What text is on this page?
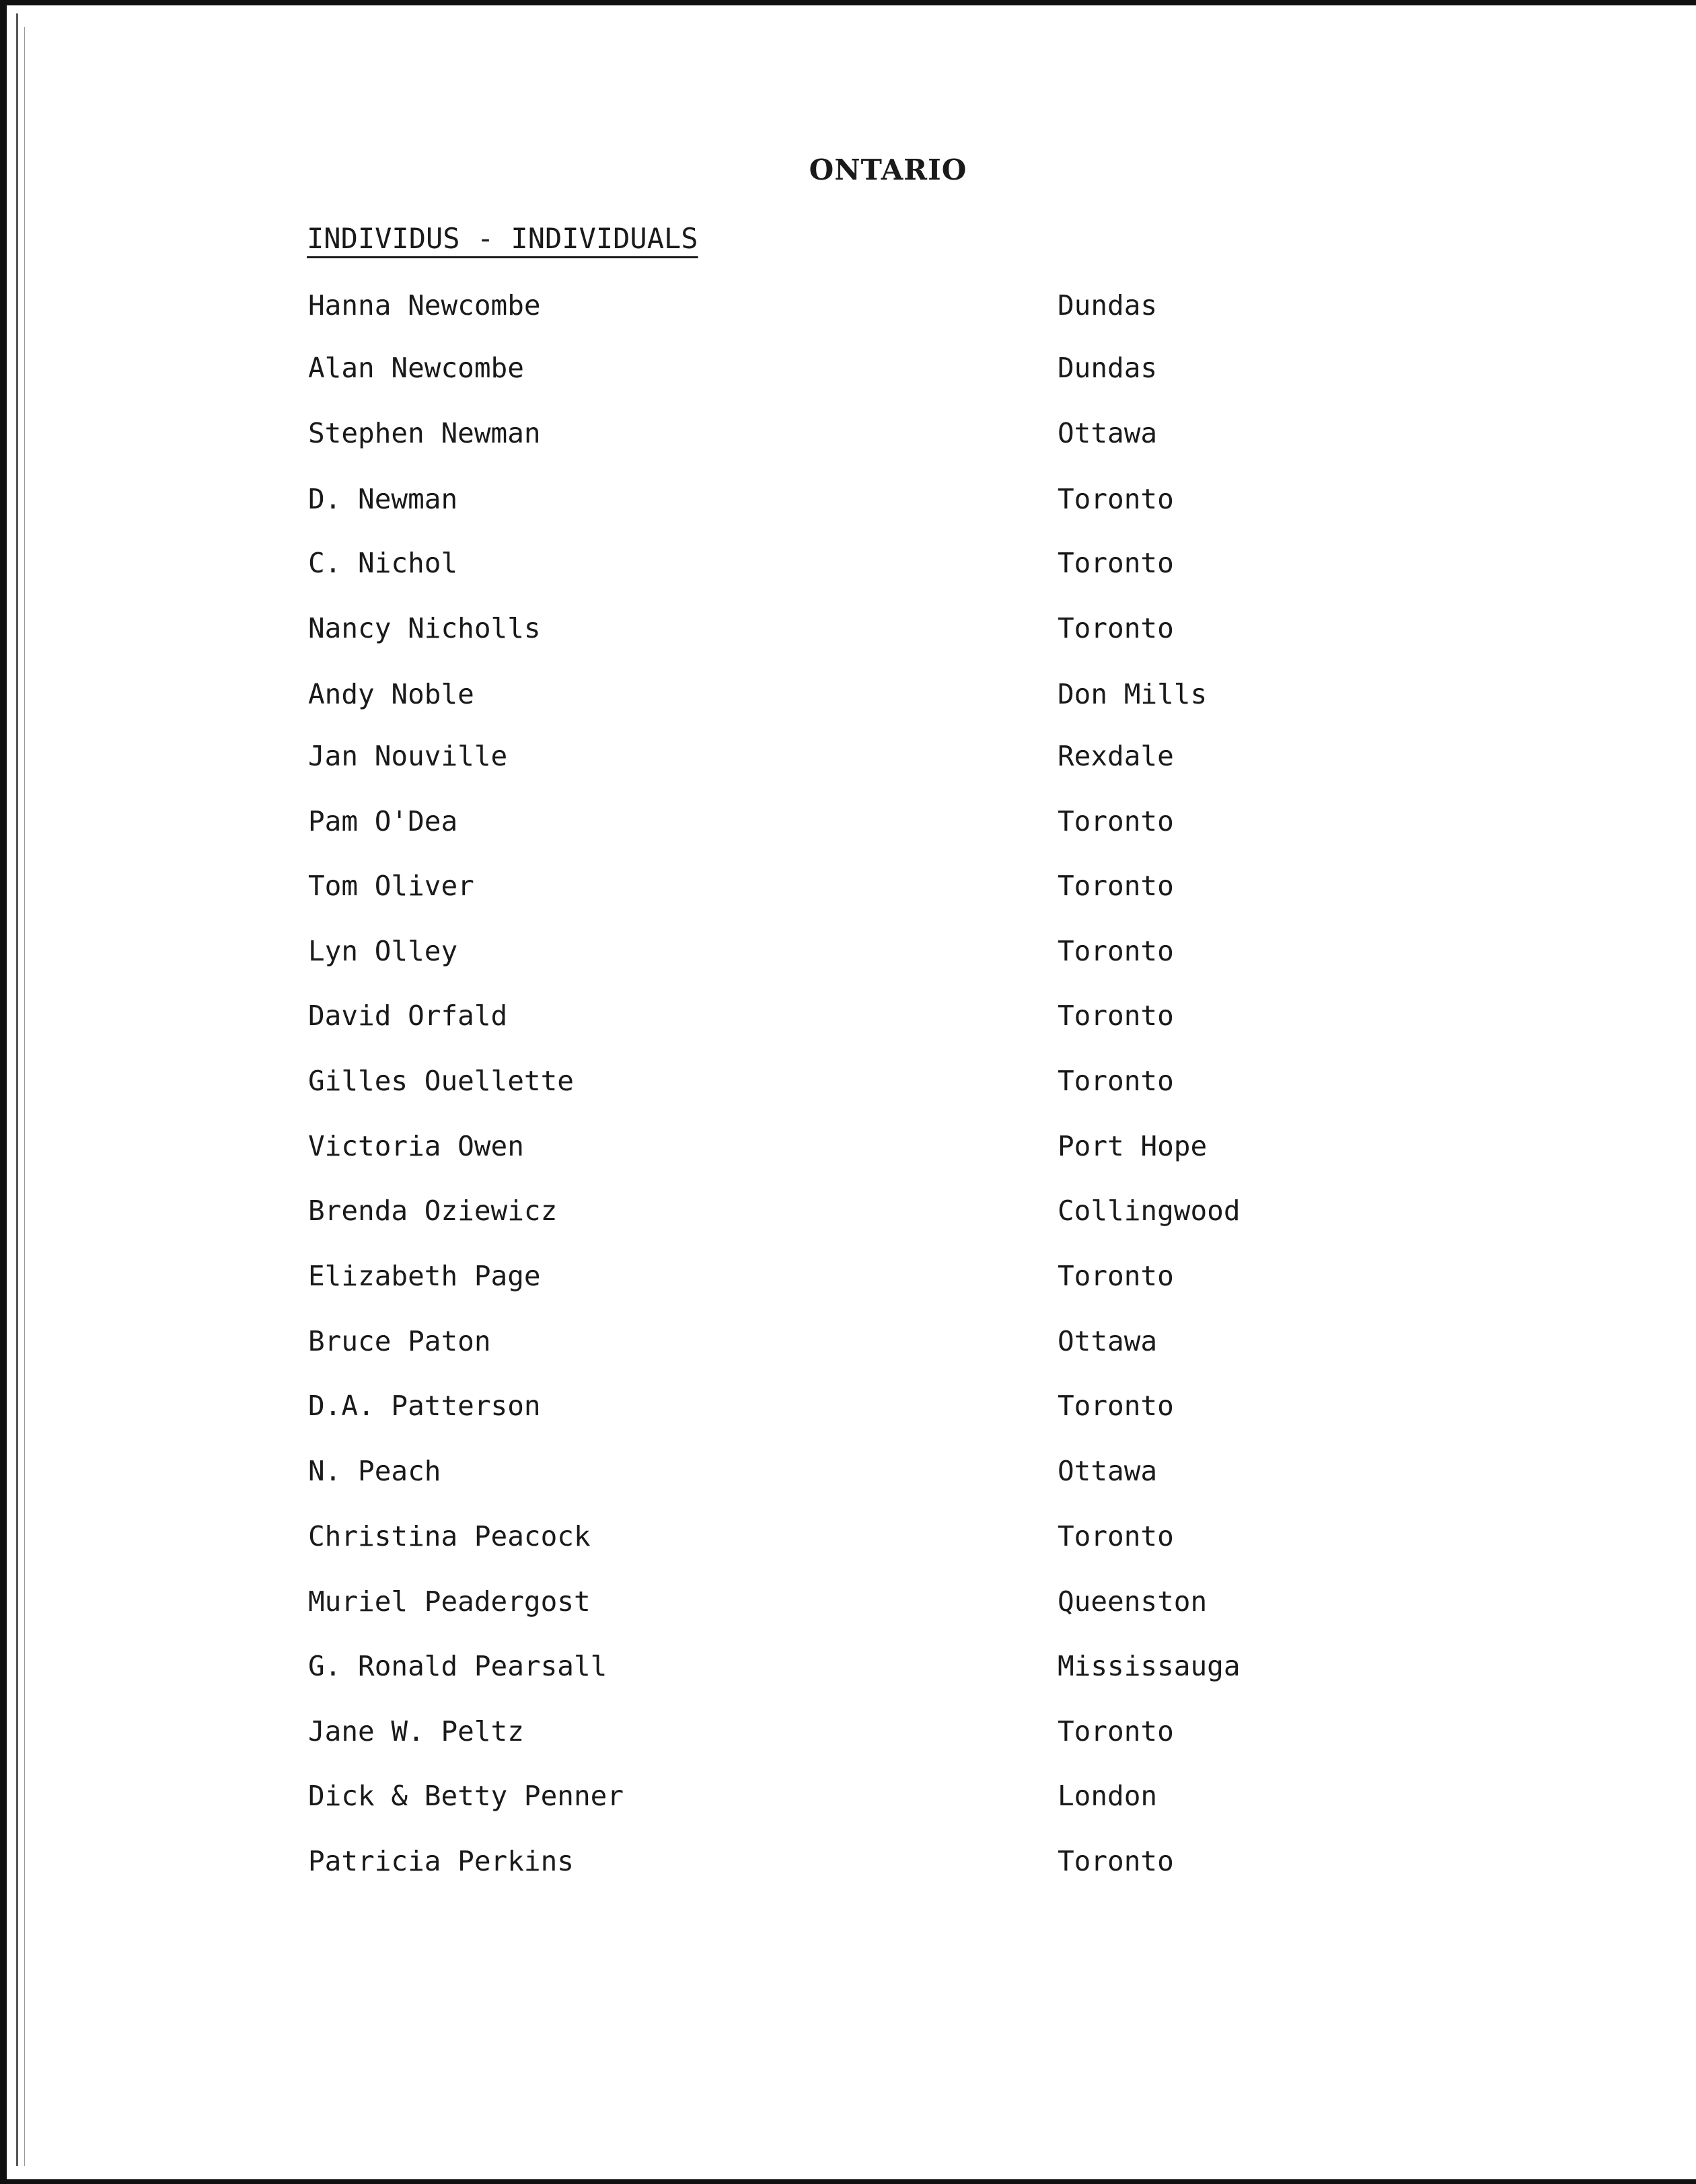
ONTARIO
INDIVIDUS - INDIVIDUALS
Hanna Newcombe	Dundas
Alan Newcombe	Dundas
Stephen Newman	Ottawa
D. Newman	Toronto
C. Nichol	Toronto
Nancy Nicholls	Toronto
Andy Noble	Don Mills
Jan Nouville	Rexdale
Pam O'Dea	Toronto
Tom Oliver	Toronto
Lyn Olley	Toronto
David Orfald	Toronto
Gilles Ouellette	Toronto
Victoria Owen	Port Hope
Brenda Oziewicz	Collingwood
Elizabeth Page	Toronto
Bruce Paton	Ottawa
D.A. Patterson	Toronto
N. Peach	Ottawa
Christina Peacock	Toronto
Muriel Peadergost	Queenston
G. Ronald Pearsall	Mississauga
Jane W. Peltz	Toronto
Dick & Betty Penner	London
Patricia Perkins	Toronto
